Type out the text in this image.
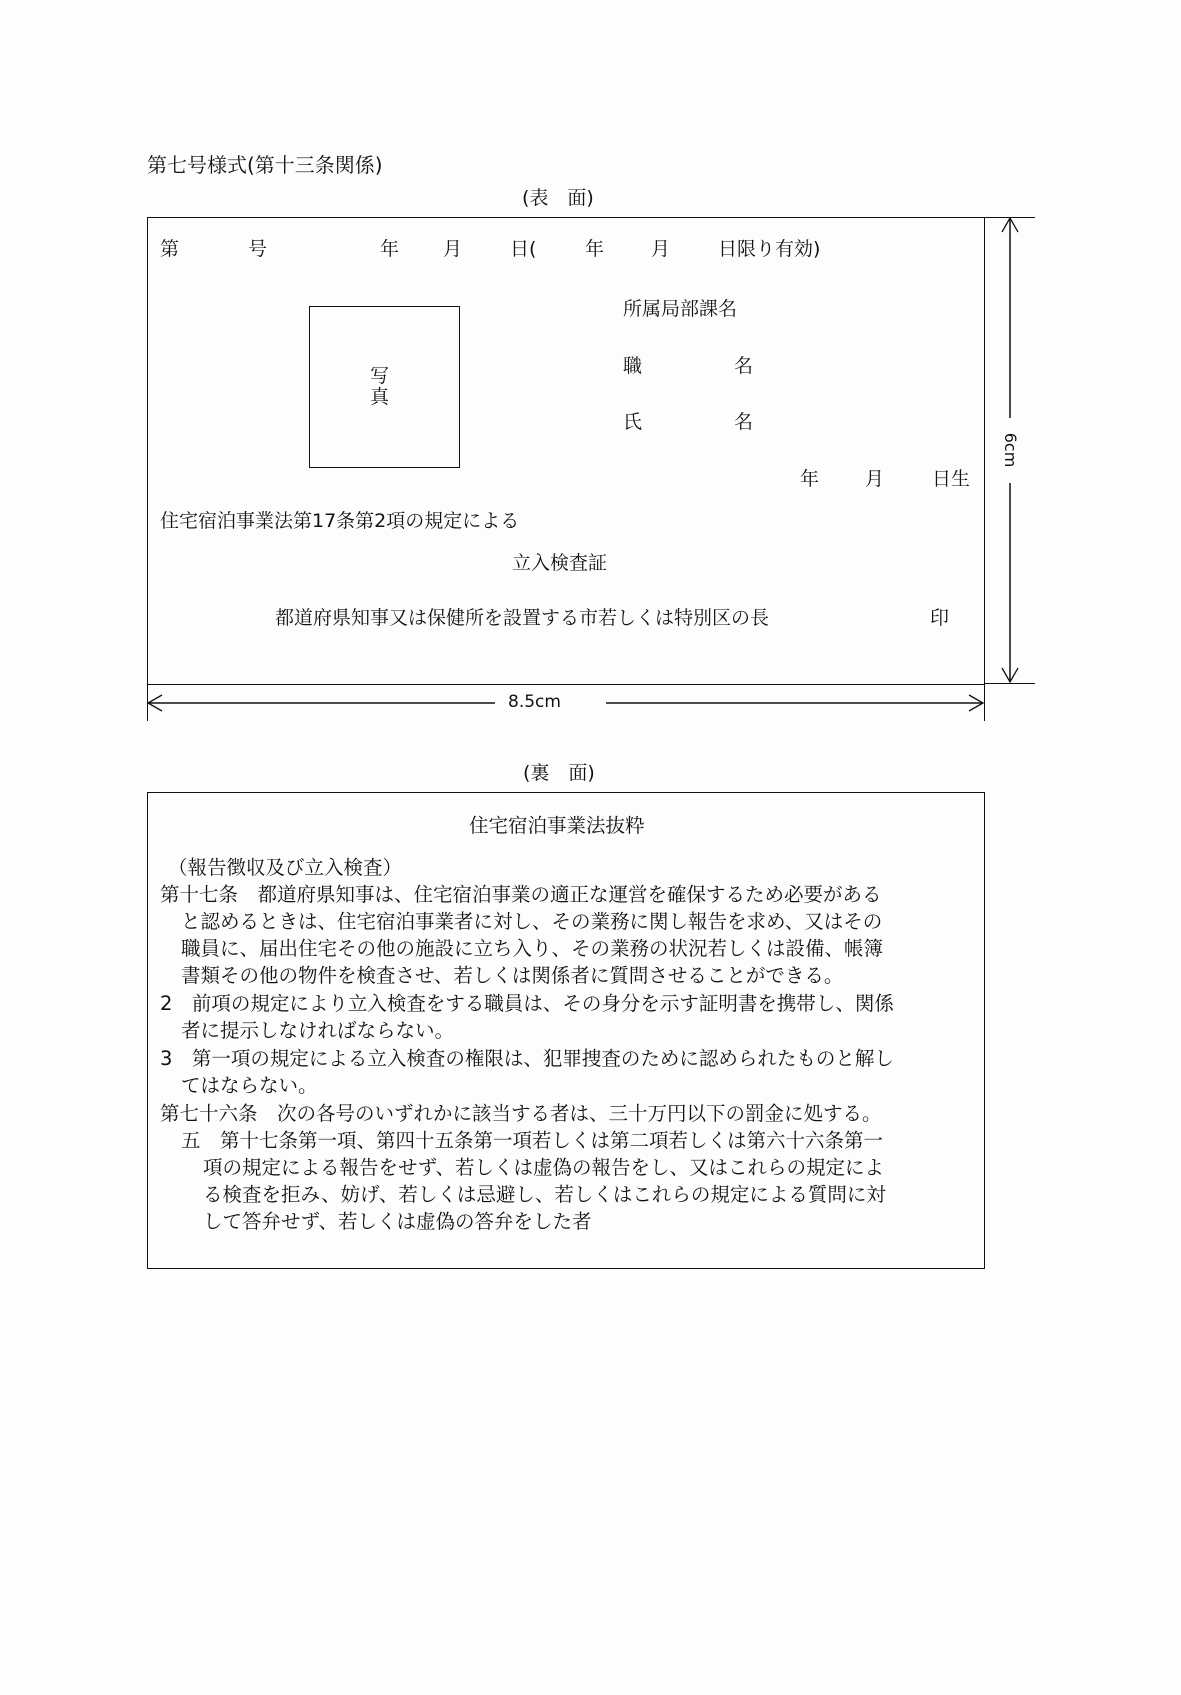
第七号様式(第十三条関係)
(表　面)
第	号	年 月	日(	年 月	日限り有効)
写
真
所属局部課名
職	名
氏	名
年 月	日生
住宅宿泊事業法第17条第2項の規定による
立入検査証
都道府県知事又は保健所を設置する市若しくは特別区の長	印
6cm
8.5cm
(裏　面)
住宅宿泊事業法抜粋
（報告徴収及び立入検査）
第十七条　都道府県知事は、住宅宿泊事業の適正な運営を確保するため必要がある
と認めるときは、住宅宿泊事業者に対し、その業務に関し報告を求め、又はその
職員に、届出住宅その他の施設に立ち入り、その業務の状況若しくは設備、帳簿
書類その他の物件を検査させ、若しくは関係者に質問させることができる。
2　前項の規定により立入検査をする職員は、その身分を示す証明書を携帯し、関係
者に提示しなければならない。
3　第一項の規定による立入検査の権限は、犯罪捜査のために認められたものと解し
てはならない。
第七十六条　次の各号のいずれかに該当する者は、三十万円以下の罰金に処する。
五　第十七条第一項、第四十五条第一項若しくは第二項若しくは第六十六条第一
項の規定による報告をせず、若しくは虚偽の報告をし、又はこれらの規定によ
る検査を拒み、妨げ、若しくは忌避し、若しくはこれらの規定による質問に対
して答弁せず、若しくは虚偽の答弁をした者
